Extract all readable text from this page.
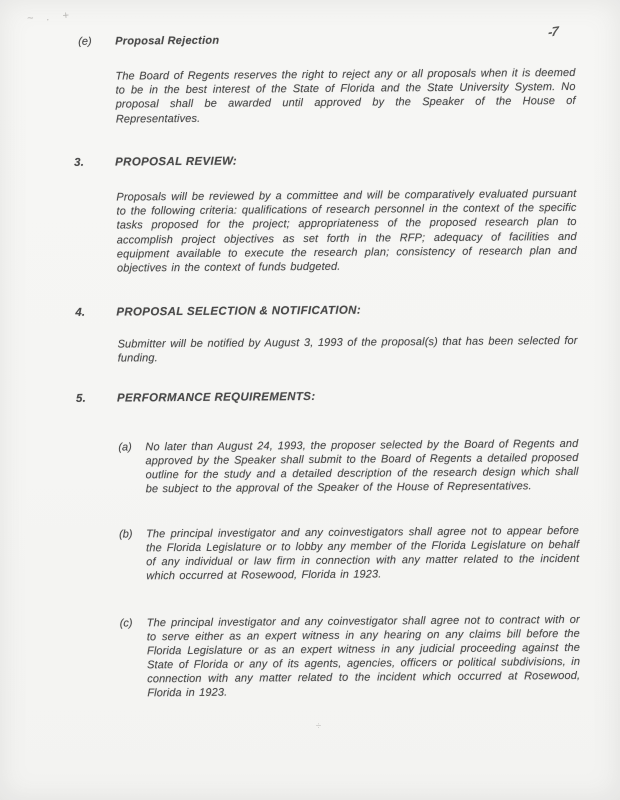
~ . +
-7
(e) Proposal Rejection
The Board of Regents reserves the right to reject any or all proposals when it is deemed to be in the best interest of the State of Florida and the State University System. No proposal shall be awarded until approved by the Speaker of the House of Representatives.
3.	PROPOSAL REVIEW:
Proposals will be reviewed by a committee and will be comparatively evaluated pursuant to the following criteria: qualifications of research personnel in the context of the specific tasks proposed for the project; appropriateness of the proposed research plan to accomplish project objectives as set forth in the RFP; adequacy of facilities and equipment available to execute the research plan; consistency of research plan and objectives in the context of funds budgeted.
4.	PROPOSAL SELECTION & NOTIFICATION:
Submitter will be notified by August 3, 1993 of the proposal(s) that has been selected for funding.
5.	PERFORMANCE REQUIREMENTS:
(a) No later than August 24, 1993, the proposer selected by the Board of Regents and approved by the Speaker shall submit to the Board of Regents a detailed proposed outline for the study and a detailed description of the research design which shall be subject to the approval of the Speaker of the House of Representatives.
(b) The principal investigator and any coinvestigators shall agree not to appear before the Florida Legislature or to lobby any member of the Florida Legislature on behalf of any individual or law firm in connection with any matter related to the incident which occurred at Rosewood, Florida in 1923.
(c) The principal investigator and any coinvestigator shall agree not to contract with or to serve either as an expert witness in any hearing on any claims bill before the Florida Legislature or as an expert witness in any judicial proceeding against the State of Florida or any of its agents, agencies, officers or political subdivisions, in connection with any matter related to the incident which occurred at Rosewood, Florida in 1923.
÷
